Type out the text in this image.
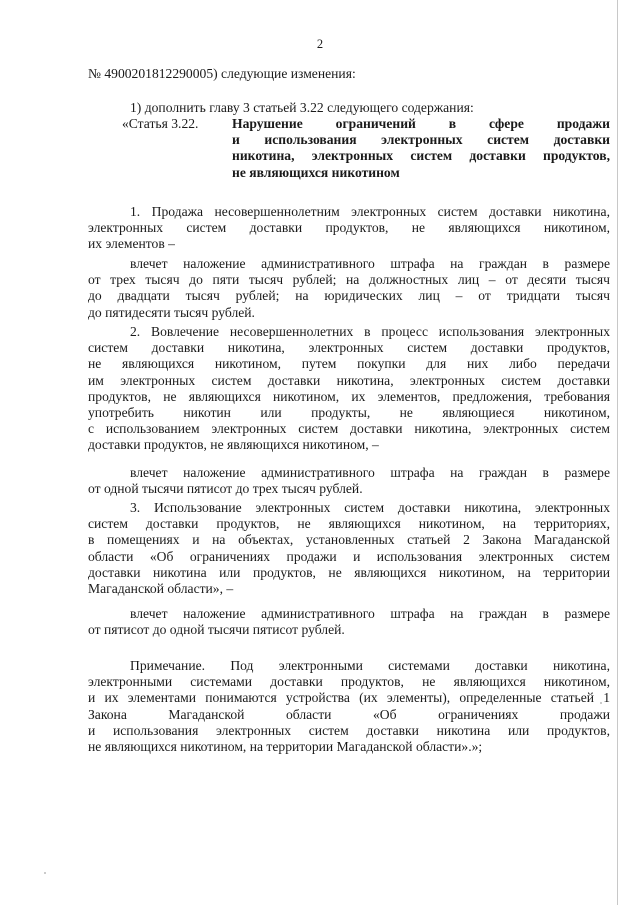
2
№ 4900201812290005) следующие изменения:
1) дополнить главу 3 статьей 3.22 следующего содержания:
«Статья 3.22. Нарушение ограничений в сфере продажи
и использования электронных систем доставки
никотина, электронных систем доставки продуктов,
не являющихся никотином
1. Продажа несовершеннолетним электронных систем доставки никотина,
электронных систем доставки продуктов, не являющихся никотином,
их элементов –
влечет наложение административного штрафа на граждан в размере
от трех тысяч до пяти тысяч рублей; на должностных лиц – от десяти тысяч
до двадцати тысяч рублей; на юридических лиц – от тридцати тысяч
до пятидесяти тысяч рублей.
2. Вовлечение несовершеннолетних в процесс использования электронных
систем доставки никотина, электронных систем доставки продуктов,
не являющихся никотином, путем покупки для них либо передачи
им электронных систем доставки никотина, электронных систем доставки
продуктов, не являющихся никотином, их элементов, предложения, требования
употребить никотин или продукты, не являющиеся никотином,
с использованием электронных систем доставки никотина, электронных систем
доставки продуктов, не являющихся никотином, –
влечет наложение административного штрафа на граждан в размере
от одной тысячи пятисот до трех тысяч рублей.
3. Использование электронных систем доставки никотина, электронных
систем доставки продуктов, не являющихся никотином, на территориях,
в помещениях и на объектах, установленных статьей 2 Закона Магаданской
области «Об ограничениях продажи и использования электронных систем
доставки никотина или продуктов, не являющихся никотином, на территории
Магаданской области», –
влечет наложение административного штрафа на граждан в размере
от пятисот до одной тысячи пятисот рублей.
Примечание. Под электронными системами доставки никотина,
электронными системами доставки продуктов, не являющихся никотином,
и их элементами понимаются устройства (их элементы), определенные статьей 1
Закона Магаданской области «Об ограничениях продажи
и использования электронных систем доставки никотина или продуктов,
не являющихся никотином, на территории Магаданской области».»;
